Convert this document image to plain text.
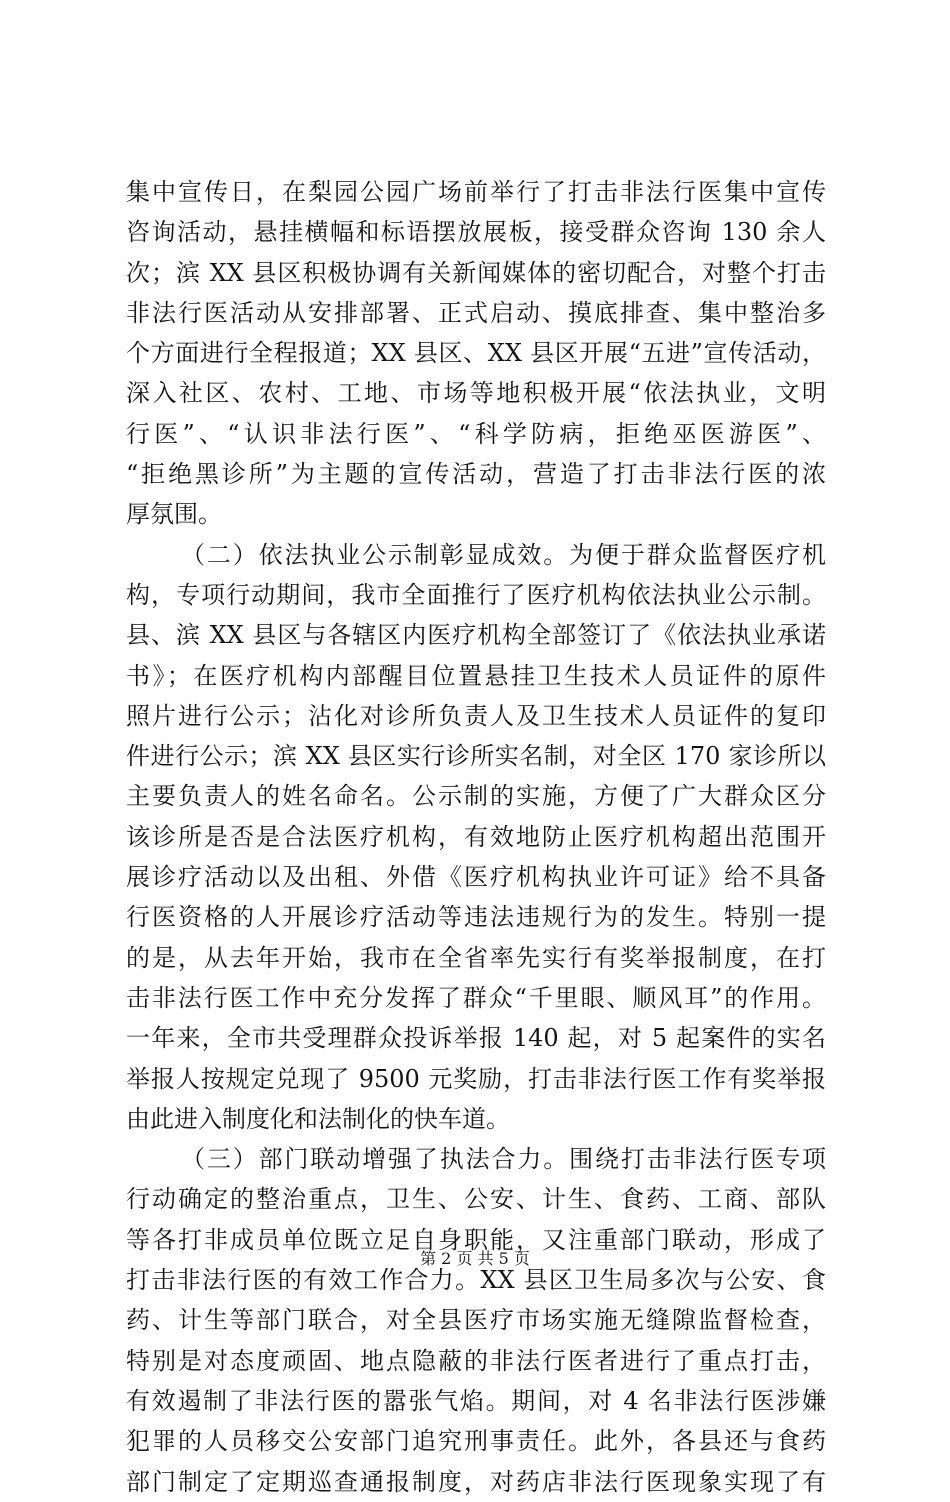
集中宣传日，在梨园公园广场前举行了打击非法行医集中宣传
咨询活动，悬挂横幅和标语摆放展板，接受群众咨询 130 余人
次；滨 XX 县区积极协调有关新闻媒体的密切配合，对整个打击
非法行医活动从安排部署、正式启动、摸底排查、集中整治多
个方面进行全程报道；XX 县区、XX 县区开展“五进”宣传活动，
深入社区、农村、工地、市场等地积极开展“依法执业，文明
行医”、“认识非法行医”、“科学防病，拒绝巫医游医”、
“拒绝黑诊所”为主题的宣传活动，营造了打击非法行医的浓
厚氛围。
（二）依法执业公示制彰显成效。为便于群众监督医疗机
构，专项行动期间，我市全面推行了医疗机构依法执业公示制。
县、滨 XX 县区与各辖区内医疗机构全部签订了《依法执业承诺
书》；在医疗机构内部醒目位置悬挂卫生技术人员证件的原件
照片进行公示；沾化对诊所负责人及卫生技术人员证件的复印
件进行公示；滨 XX 县区实行诊所实名制，对全区 170 家诊所以
主要负责人的姓名命名。公示制的实施，方便了广大群众区分
该诊所是否是合法医疗机构，有效地防止医疗机构超出范围开
展诊疗活动以及出租、外借《医疗机构执业许可证》给不具备
行医资格的人开展诊疗活动等违法违规行为的发生。特别一提
的是，从去年开始，我市在全省率先实行有奖举报制度，在打
击非法行医工作中充分发挥了群众“千里眼、顺风耳”的作用。
一年来，全市共受理群众投诉举报 140 起，对 5 起案件的实名
举报人按规定兑现了 9500 元奖励，打击非法行医工作有奖举报
由此进入制度化和法制化的快车道。
（三）部门联动增强了执法合力。围绕打击非法行医专项
行动确定的整治重点，卫生、公安、计生、食药、工商、部队
等各打非成员单位既立足自身职能，又注重部门联动，形成了
打击非法行医的有效工作合力。XX 县区卫生局多次与公安、食
药、计生等部门联合，对全县医疗市场实施无缝隙监督检查，
特别是对态度顽固、地点隐蔽的非法行医者进行了重点打击，
有效遏制了非法行医的嚣张气焰。期间，对 4 名非法行医涉嫌
犯罪的人员移交公安部门追究刑事责任。此外，各县还与食药
部门制定了定期巡查通报制度，对药店非法行医现象实现了有
第 2 页 共 5 页
